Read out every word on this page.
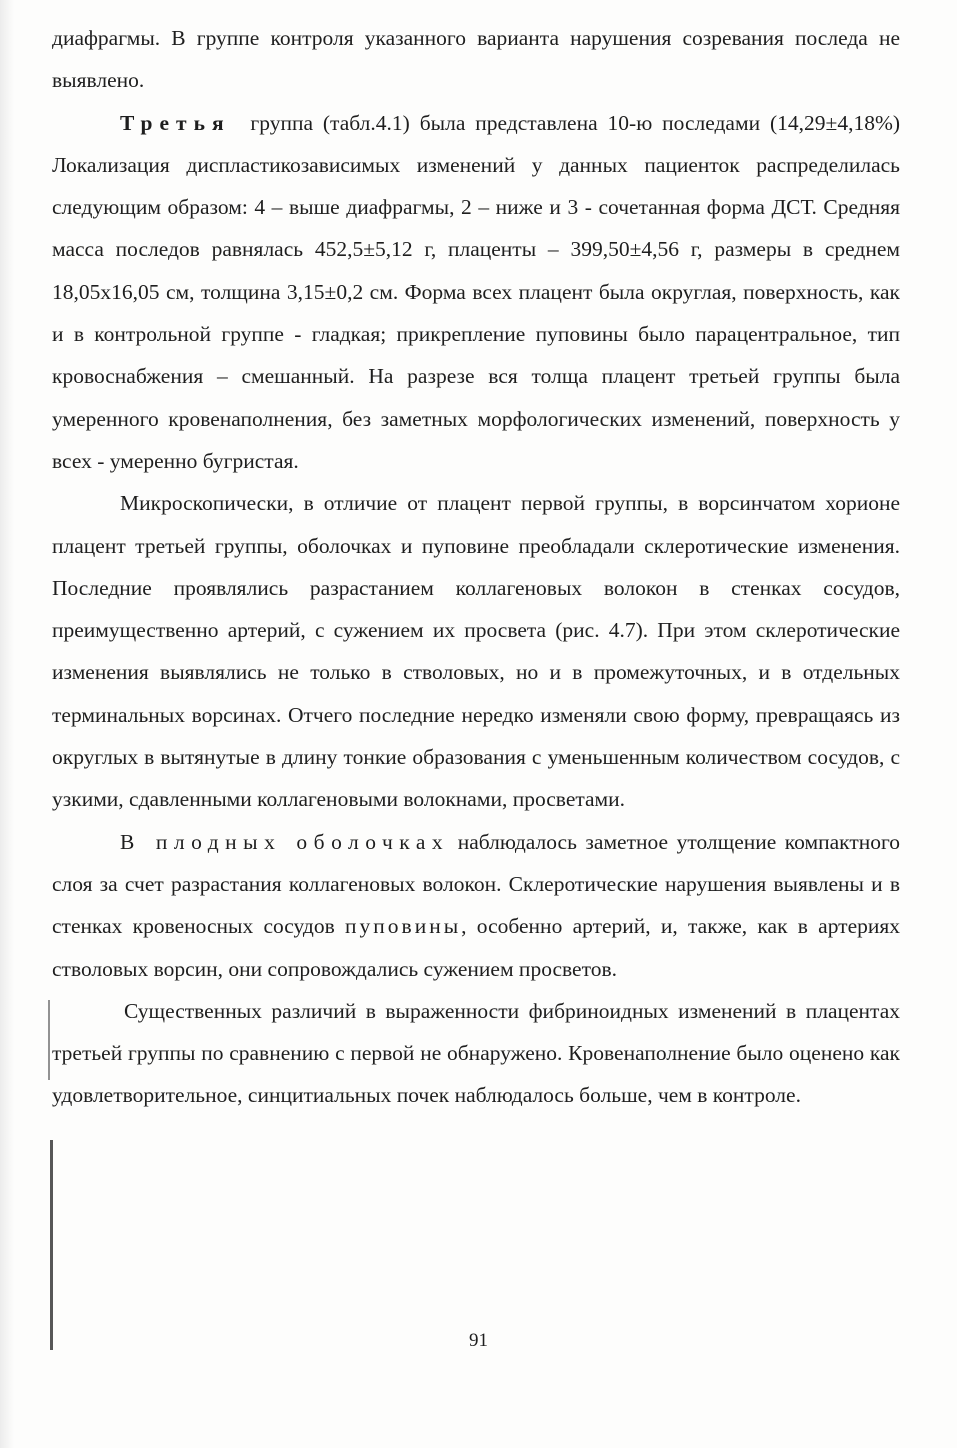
диафрагмы. В группе контроля указанного варианта нарушения созревания последа не выявлено.

Третья группа (табл.4.1) была представлена 10-ю последами (14,29±4,18%) Локализация диспластикозависимых изменений у данных пациенток распределилась следующим образом: 4 – выше диафрагмы, 2 – ниже и 3 - сочетанная форма ДСТ. Средняя масса последов равнялась 452,5±5,12 г, плаценты – 399,50±4,56 г, размеры в среднем 18,05x16,05 см, толщина 3,15±0,2 см. Форма всех плацент была округлая, поверхность, как и в контрольной группе - гладкая; прикрепление пуповины было парацентральное, тип кровоснабжения – смешанный. На разрезе вся толща плацент третьей группы была умеренного кровенаполнения, без заметных морфологических изменений, поверхность у всех - умеренно бугристая.

Микроскопически, в отличие от плацент первой группы, в ворсинчатом хорионе плацент третьей группы, оболочках и пуповине преобладали склеротические изменения. Последние проявлялись разрастанием коллагеновых волокон в стенках сосудов, преимущественно артерий, с сужением их просвета (рис. 4.7). При этом склеротические изменения выявлялись не только в стволовых, но и в промежуточных, и в отдельных терминальных ворсинах. Отчего последние нередко изменяли свою форму, превращаясь из округлых в вытянутые в длину тонкие образования с уменьшенным количеством сосудов, с узкими, сдавленными коллагеновыми волокнами, просветами.

В плодных оболочках наблюдалось заметное утолщение компактного слоя за счет разрастания коллагеновых волокон. Склеротические нарушения выявлены и в стенках кровеносных сосудов пуповины, особенно артерий, и, также, как в артериях стволовых ворсин, они сопровождались сужением просветов.

Существенных различий в выраженности фибриноидных изменений в плацентах третьей группы по сравнению с первой не обнаружено. Кровенаполнение было оценено как удовлетворительное, синцитиальных почек наблюдалось больше, чем в контроле.

91
